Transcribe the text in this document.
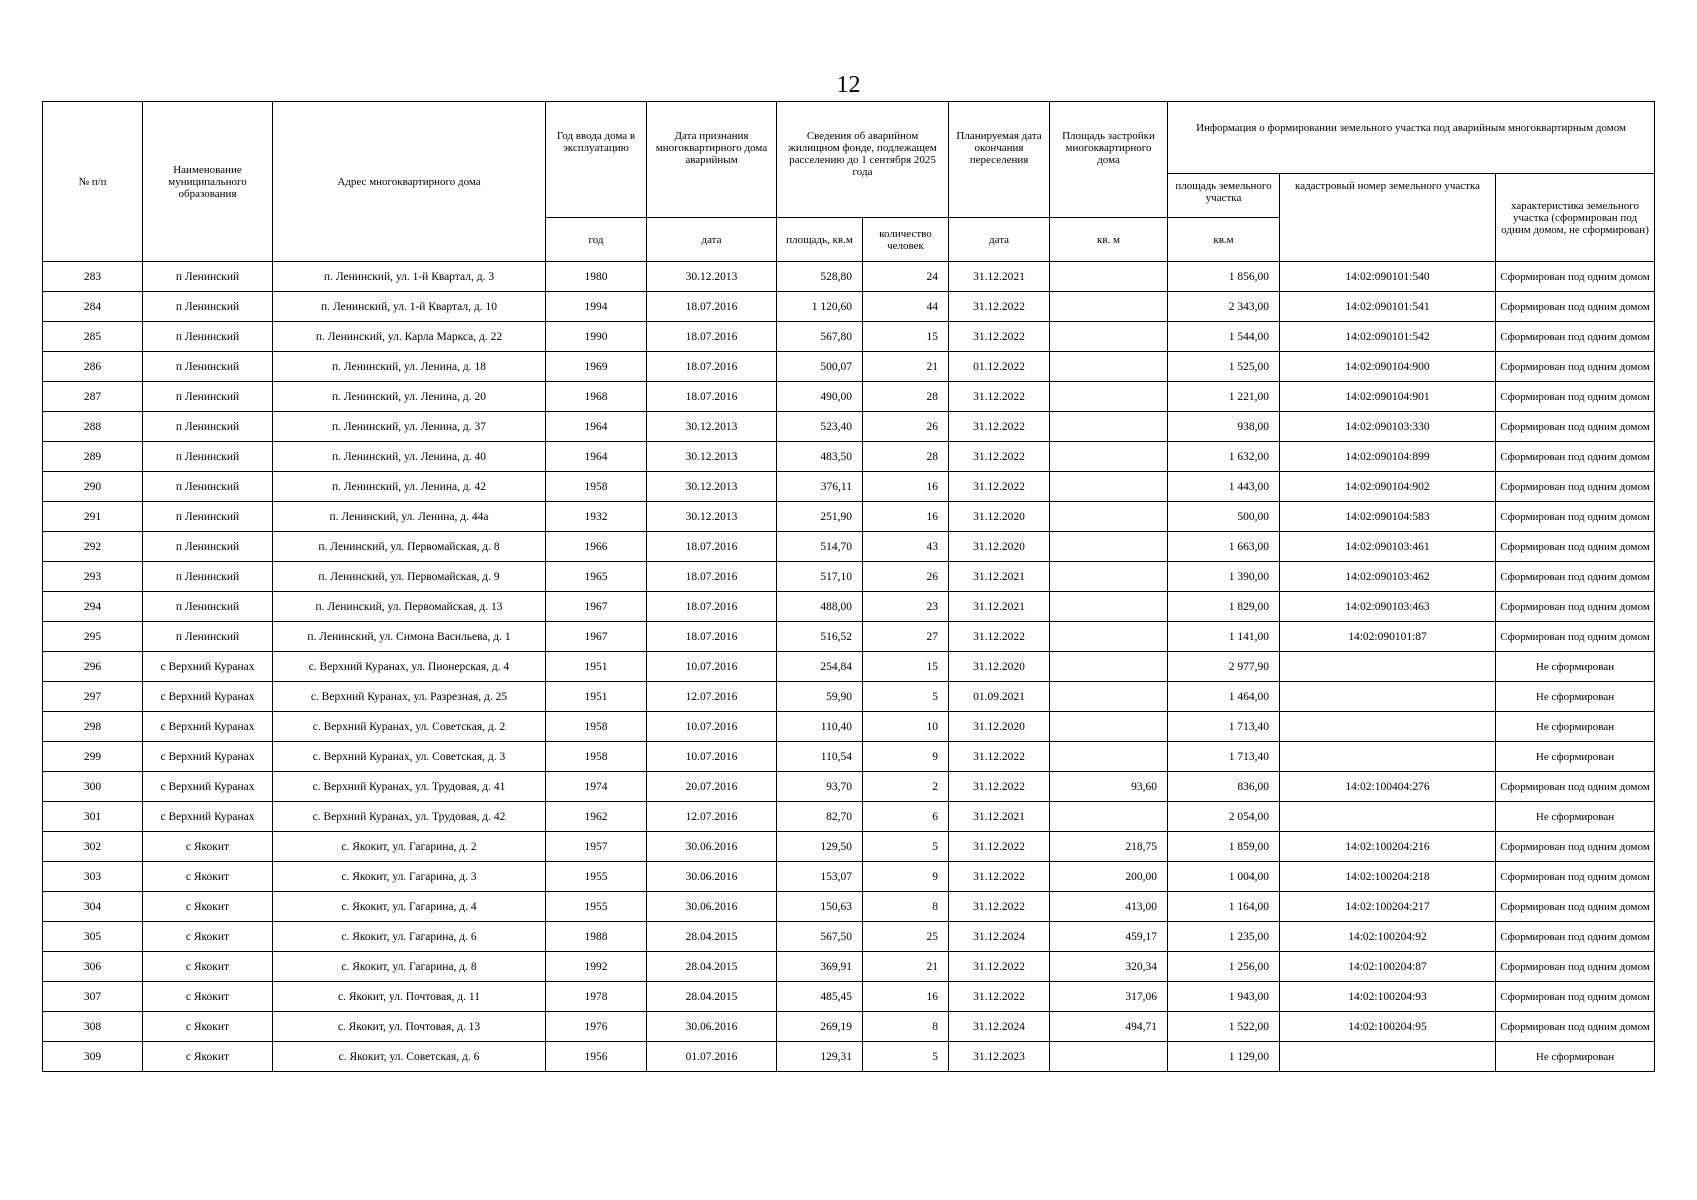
12
№ п/п	Наименование муниципального образования	Адрес многоквартирного дома	Год ввода дома в эксплуатацию	Дата признания многоквартирного дома аварийным	Сведения об аварийном жилищном фонде, подлежащем расселению до 1 сентября 2025 года		Планируемая дата окончания переселения	Площадь застройки многоквартирного дома	Информация о формировании земельного участка под аварийным многоквартирным домом		
									площадь земельного участка	кадастровый номер земельного участка	характеристика земельного участка (сформирован под одним домом, не сформирован)
			год	дата	площадь, кв.м	количество человек	дата	кв. м	кв.м		
283	п Ленинский	п. Ленинский, ул. 1-й Квартал, д. 3	1980	30.12.2013	528,80	24	31.12.2021		1 856,00	14:02:090101:540	Сформирован под одним домом
284	п Ленинский	п. Ленинский, ул. 1-й Квартал, д. 10	1994	18.07.2016	1 120,60	44	31.12.2022		2 343,00	14:02:090101:541	Сформирован под одним домом
285	п Ленинский	п. Ленинский, ул. Карла Маркса, д. 22	1990	18.07.2016	567,80	15	31.12.2022		1 544,00	14:02:090101:542	Сформирован под одним домом
286	п Ленинский	п. Ленинский, ул. Ленина, д. 18	1969	18.07.2016	500,07	21	01.12.2022		1 525,00	14:02:090104:900	Сформирован под одним домом
287	п Ленинский	п. Ленинский, ул. Ленина, д. 20	1968	18.07.2016	490,00	28	31.12.2022		1 221,00	14:02:090104:901	Сформирован под одним домом
288	п Ленинский	п. Ленинский, ул. Ленина, д. 37	1964	30.12.2013	523,40	26	31.12.2022		938,00	14:02:090103:330	Сформирован под одним домом
289	п Ленинский	п. Ленинский, ул. Ленина, д. 40	1964	30.12.2013	483,50	28	31.12.2022		1 632,00	14:02:090104:899	Сформирован под одним домом
290	п Ленинский	п. Ленинский, ул. Ленина, д. 42	1958	30.12.2013	376,11	16	31.12.2022		1 443,00	14:02:090104:902	Сформирован под одним домом
291	п Ленинский	п. Ленинский, ул. Ленина, д. 44а	1932	30.12.2013	251,90	16	31.12.2020		500,00	14:02:090104:583	Сформирован под одним домом
292	п Ленинский	п. Ленинский, ул. Первомайская, д. 8	1966	18.07.2016	514,70	43	31.12.2020		1 663,00	14:02:090103:461	Сформирован под одним домом
293	п Ленинский	п. Ленинский, ул. Первомайская, д. 9	1965	18.07.2016	517,10	26	31.12.2021		1 390,00	14:02:090103:462	Сформирован под одним домом
294	п Ленинский	п. Ленинский, ул. Первомайская, д. 13	1967	18.07.2016	488,00	23	31.12.2021		1 829,00	14:02:090103:463	Сформирован под одним домом
295	п Ленинский	п. Ленинский, ул. Симона Васильева, д. 1	1967	18.07.2016	516,52	27	31.12.2022		1 141,00	14:02:090101:87	Сформирован под одним домом
296	с Верхний Куранах	с. Верхний Куранах, ул. Пионерская, д. 4	1951	10.07.2016	254,84	15	31.12.2020		2 977,90		Не сформирован
297	с Верхний Куранах	с. Верхний Куранах, ул. Разрезная, д. 25	1951	12.07.2016	59,90	5	01.09.2021		1 464,00		Не сформирован
298	с Верхний Куранах	с. Верхний Куранах, ул. Советская, д. 2	1958	10.07.2016	110,40	10	31.12.2020		1 713,40		Не сформирован
299	с Верхний Куранах	с. Верхний Куранах, ул. Советская, д. 3	1958	10.07.2016	110,54	9	31.12.2022		1 713,40		Не сформирован
300	с Верхний Куранах	с. Верхний Куранах, ул. Трудовая, д. 41	1974	20.07.2016	93,70	2	31.12.2022	93,60	836,00	14:02:100404:276	Сформирован под одним домом
301	с Верхний Куранах	с. Верхний Куранах, ул. Трудовая, д. 42	1962	12.07.2016	82,70	6	31.12.2021		2 054,00		Не сформирован
302	с Якокит	с. Якокит, ул. Гагарина, д. 2	1957	30.06.2016	129,50	5	31.12.2022	218,75	1 859,00	14:02:100204:216	Сформирован под одним домом
303	с Якокит	с. Якокит, ул. Гагарина, д. 3	1955	30.06.2016	153,07	9	31.12.2022	200,00	1 004,00	14:02:100204:218	Сформирован под одним домом
304	с Якокит	с. Якокит, ул. Гагарина, д. 4	1955	30.06.2016	150,63	8	31.12.2022	413,00	1 164,00	14:02:100204:217	Сформирован под одним домом
305	с Якокит	с. Якокит, ул. Гагарина, д. 6	1988	28.04.2015	567,50	25	31.12.2024	459,17	1 235,00	14:02:100204:92	Сформирован под одним домом
306	с Якокит	с. Якокит, ул. Гагарина, д. 8	1992	28.04.2015	369,91	21	31.12.2022	320,34	1 256,00	14:02:100204:87	Сформирован под одним домом
307	с Якокит	с. Якокит, ул. Почтовая, д. 11	1978	28.04.2015	485,45	16	31.12.2022	317,06	1 943,00	14:02:100204:93	Сформирован под одним домом
308	с Якокит	с. Якокит, ул. Почтовая, д. 13	1976	30.06.2016	269,19	8	31.12.2024	494,71	1 522,00	14:02:100204:95	Сформирован под одним домом
309	с Якокит	с. Якокит, ул. Советская, д. 6	1956	01.07.2016	129,31	5	31.12.2023		1 129,00		Не сформирован
